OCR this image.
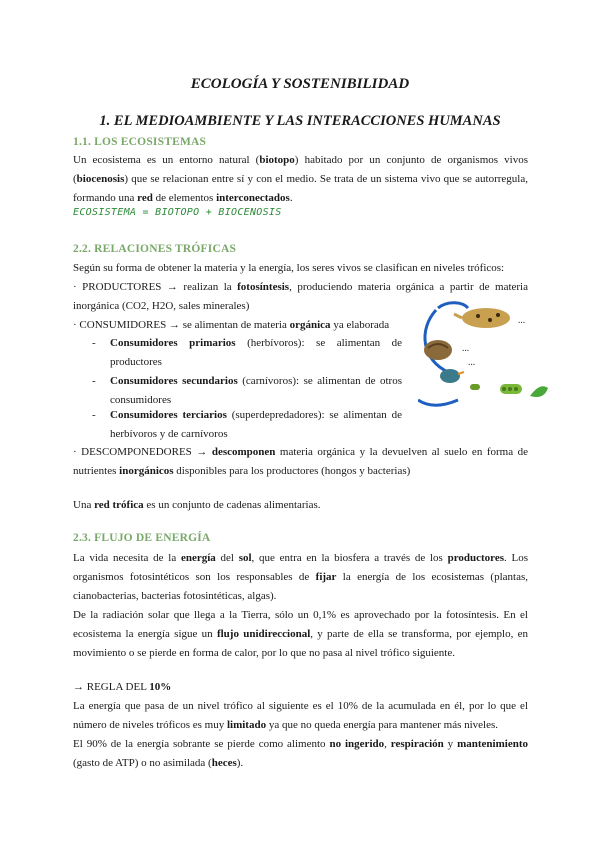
ECOLOGÍA Y SOSTENIBILIDAD
1. EL MEDIOAMBIENTE Y LAS INTERACCIONES HUMANAS
1.1. LOS ECOSISTEMAS

Un ecosistema es un entorno natural (biotopo) habitado por un conjunto de organismos vivos (biocenosis) que se relacionan entre sí y con el medio. Se trata de un sistema vivo que se autorregula, formando una red de elementos interconectados.

ECOSISTEMA = BIOTOPO + BIOCENOSIS

2.2. RELACIONES TRÓFICAS

Según su forma de obtener la materia y la energía, los seres vivos se clasifican en niveles tróficos:

· PRODUCTORES → realizan la fotosíntesis, produciendo materia orgánica a partir de materia inorgánica (CO2, H2O, sales minerales)

· CONSUMIDORES → se alimentan de materia orgánica ya elaborada

- Consumidores primarios (herbívoros): se alimentan de productores
- Consumidores secundarios (carnívoros): se alimentan de otros consumidores
- Consumidores terciarios (superdepredadores): se alimentan de herbívoros y de carnívoros
•••
•••
•••

· DESCOMPONEDORES → descomponen materia orgánica y la devuelven al suelo en forma de nutrientes inorgánicos disponibles para los productores (hongos y bacterias)

Una red trófica es un conjunto de cadenas alimentarias.

2.3. FLUJO DE ENERGÍA

La vida necesita de la energía del sol, que entra en la biosfera a través de los productores. Los organismos fotosintéticos son los responsables de fijar la energía de los ecosistemas (plantas, cianobacterias, bacterias fotosintéticas, algas).

De la radiación solar que llega a la Tierra, sólo un 0,1% es aprovechado por la fotosíntesis. En el ecosistema la energía sigue un flujo unidireccional, y parte de ella se transforma, por ejemplo, en movimiento o se pierde en forma de calor, por lo que no pasa al nivel trófico siguiente.

→ REGLA DEL 10%

La energía que pasa de un nivel trófico al siguiente es el 10% de la acumulada en él, por lo que el número de niveles tróficos es muy limitado ya que no queda energía para mantener más niveles.

El 90% de la energía sobrante se pierde como alimento no ingerido, respiración y mantenimiento (gasto de ATP) o no asimilada (heces).
